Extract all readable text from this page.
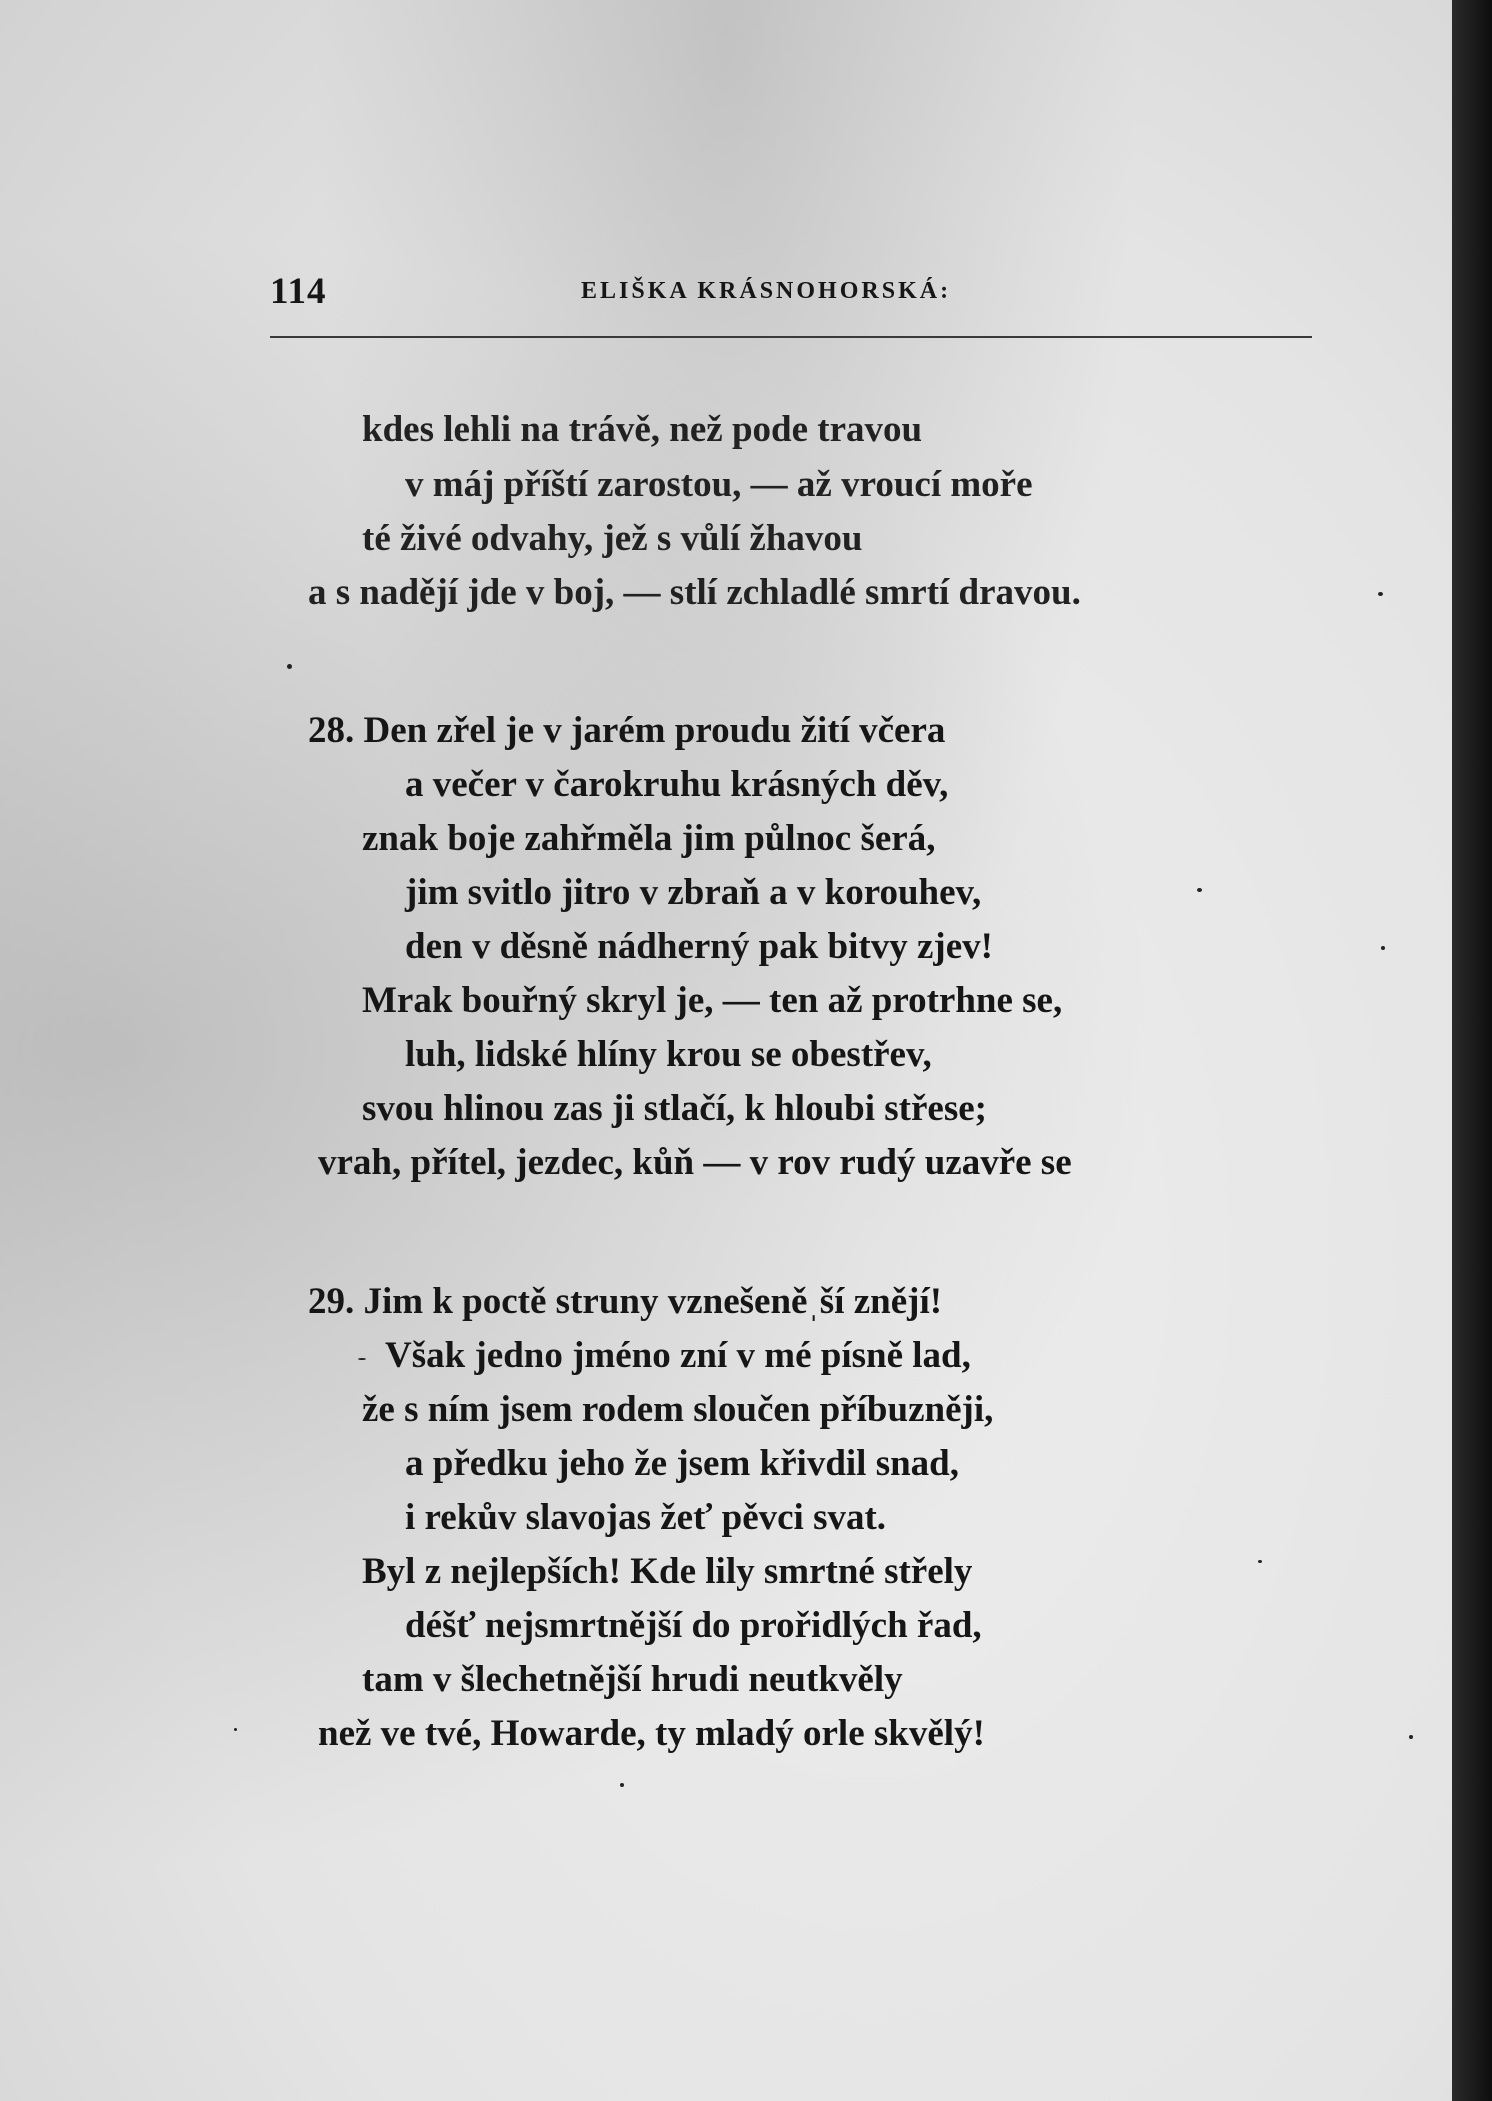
114	ELIŠKA KRÁSNOHORSKÁ:
kdes lehli na trávě, než pode travou
v máj příští zarostou, — až vroucí moře
té živé odvahy, jež s vůlí žhavou
a s nadějí jde v boj, — stlí zchladlé smrtí dravou.
28. Den zřel je v jarém proudu žití včera
a večer v čarokruhu krásných děv,
znak boje zahřměla jim půlnoc šerá,
jim svitlo jitro v zbraň a v korouhev,
den v děsně nádherný pak bitvy zjev!
Mrak bouřný skryl je, — ten až protrhne se,
luh, lidské hlíny krou se obestřev,
svou hlinou zas ji stlačí, k hloubi střese;
vrah, přítel, jezdec, kůň — v rov rudý uzavře se
29. Jim k poctě struny vznešeněˌší znějí!
Však jedno jméno zní v mé písně lad,
že s ním jsem rodem sloučen příbuzněji,
a předku jeho že jsem křivdil snad,
i rekův slavojas žeť pěvci svat.
Byl z nejlepších! Kde lily smrtné střely
déšť nejsmrtnější do prořidlých řad,
tam v šlechetnější hrudi neutkvěly
než ve tvé, Howarde, ty mladý orle skvělý!
